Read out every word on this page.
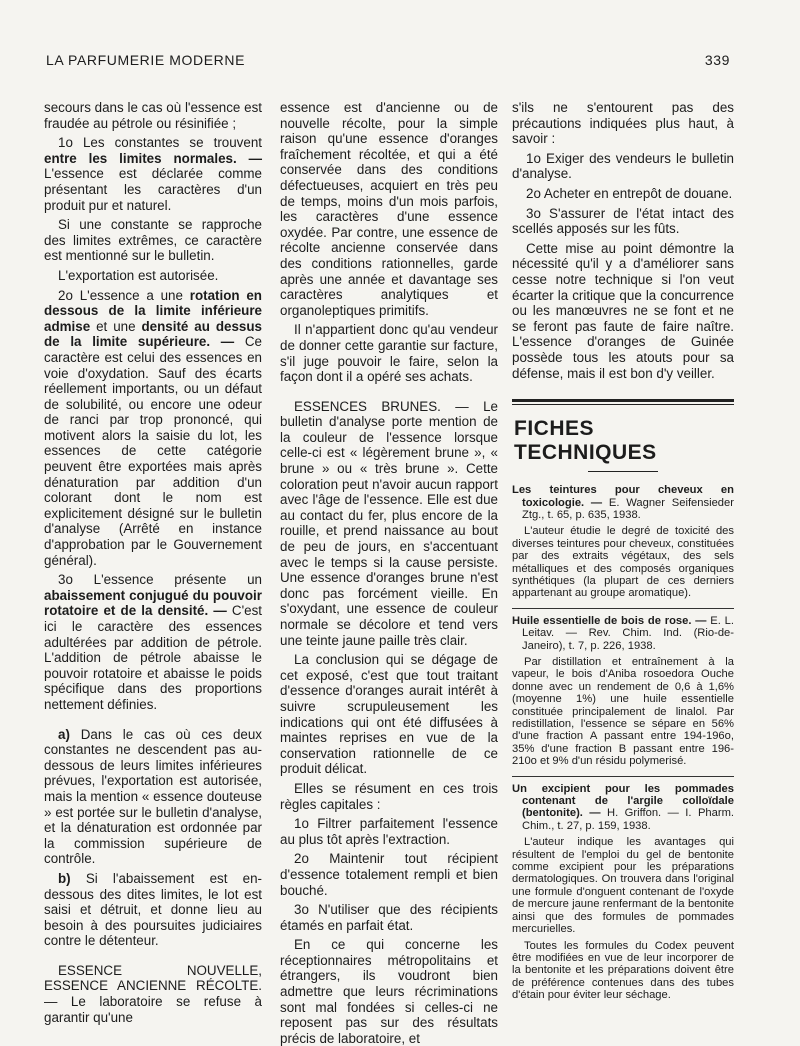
LA PARFUMERIE MODERNE	339

secours dans le cas où l'essence est fraudée au pétrole ou résinifiée ;

1o Les constantes se trouvent entre les limites normales. — L'essence est déclarée comme présentant les caractères d'un produit pur et naturel.

Si une constante se rapproche des limites extrêmes, ce caractère est mentionné sur le bulletin.

L'exportation est autorisée.

2o L'essence a une rotation en dessous de la limite inférieure admise et une densité au dessus de la limite supérieure. — Ce caractère est celui des essences en voie d'oxydation. Sauf des écarts réellement importants, ou un défaut de solubilité, ou encore une odeur de ranci par trop prononcé, qui motivent alors la saisie du lot, les essences de cette catégorie peuvent être exportées mais après dénaturation par addition d'un colorant dont le nom est explicitement désigné sur le bulletin d'analyse (Arrêté en instance d'approbation par le Gouvernement général).

3o L'essence présente un abaissement conjugué du pouvoir rotatoire et de la densité. — C'est ici le caractère des essences adultérées par addition de pétrole. L'addition de pétrole abaisse le pouvoir rotatoire et abaisse le poids spécifique dans des proportions nettement définies.

a) Dans le cas où ces deux constantes ne descendent pas au-dessous de leurs limites inférieures prévues, l'exportation est autorisée, mais la mention « essence douteuse » est portée sur le bulletin d'analyse, et la dénaturation est ordonnée par la commission supérieure de contrôle.

b) Si l'abaissement est en-dessous des dites limites, le lot est saisi et détruit, et donne lieu au besoin à des poursuites judiciaires contre le détenteur.

ESSENCE NOUVELLE, ESSENCE ANCIENNE RÉCOLTE. — Le laboratoire se refuse à garantir qu'une

essence est d'ancienne ou de nouvelle récolte, pour la simple raison qu'une essence d'oranges fraîchement récoltée, et qui a été conservée dans des conditions défectueuses, acquiert en très peu de temps, moins d'un mois parfois, les caractères d'une essence oxydée. Par contre, une essence de récolte ancienne conservée dans des conditions rationnelles, garde après une année et davantage ses caractères analytiques et organoleptiques primitifs.

Il n'appartient donc qu'au vendeur de donner cette garantie sur facture, s'il juge pouvoir le faire, selon la façon dont il a opéré ses achats.

ESSENCES BRUNES. — Le bulletin d'analyse porte mention de la couleur de l'essence lorsque celle-ci est « légèrement brune », « brune » ou « très brune ». Cette coloration peut n'avoir aucun rapport avec l'âge de l'essence. Elle est due au contact du fer, plus encore de la rouille, et prend naissance au bout de peu de jours, en s'accentuant avec le temps si la cause persiste. Une essence d'oranges brune n'est donc pas forcément vieille. En s'oxydant, une essence de couleur normale se décolore et tend vers une teinte jaune paille très clair.

La conclusion qui se dégage de cet exposé, c'est que tout traitant d'essence d'oranges aurait intérêt à suivre scrupuleusement les indications qui ont été diffusées à maintes reprises en vue de la conservation rationnelle de ce produit délicat.

Elles se résument en ces trois règles capitales :

1o Filtrer parfaitement l'essence au plus tôt après l'extraction.

2o Maintenir tout récipient d'essence totalement rempli et bien bouché.

3o N'utiliser que des récipients étamés en parfait état.

En ce qui concerne les réceptionnaires métropolitains et étrangers, ils voudront bien admettre que leurs récriminations sont mal fondées si celles-ci ne reposent pas sur des résultats précis de laboratoire, et

s'ils ne s'entourent pas des précautions indiquées plus haut, à savoir :

1o Exiger des vendeurs le bulletin d'analyse.

2o Acheter en entrepôt de douane.

3o S'assurer de l'état intact des scellés apposés sur les fûts.

Cette mise au point démontre la nécessité qu'il y a d'améliorer sans cesse notre technique si l'on veut écarter la critique que la concurrence ou les manœuvres ne se font et ne se feront pas faute de faire naître. L'essence d'oranges de Guinée possède tous les atouts pour sa défense, mais il est bon d'y veiller.

FICHES TECHNIQUES

Les teintures pour cheveux en toxicologie. — E. Wagner Seifensieder Ztg., t. 65, p. 635, 1938.

L'auteur étudie le degré de toxicité des diverses teintures pour cheveux, constituées par des extraits végétaux, des sels métalliques et des composés organiques synthétiques (la plupart de ces derniers appartenant au groupe aromatique).

Huile essentielle de bois de rose. — E. L. Leitav. — Rev. Chim. Ind. (Rio-de-Janeiro), t. 7, p. 226, 1938.

Par distillation et entraînement à la vapeur, le bois d'Aniba rosoedora Ouche donne avec un rendement de 0,6 à 1,6% (moyenne 1%) une huile essentielle constituée principalement de linalol. Par redistillation, l'essence se sépare en 56% d'une fraction A passant entre 194-196o, 35% d'une fraction B passant entre 196-210o et 9% d'un résidu polymerisé.

Un excipient pour les pommades contenant de l'argile colloïdale (bentonite). — H. Griffon. — I. Pharm. Chim., t. 27, p. 159, 1938.

L'auteur indique les avantages qui résultent de l'emploi du gel de bentonite comme excipient pour les préparations dermatologiques. On trouvera dans l'original une formule d'onguent contenant de l'oxyde de mercure jaune renfermant de la bentonite ainsi que des formules de pommades mercurielles.

Toutes les formules du Codex peuvent être modifiées en vue de leur incorporer de la bentonite et les préparations doivent être de préférence contenues dans des tubes d'étain pour éviter leur séchage.
